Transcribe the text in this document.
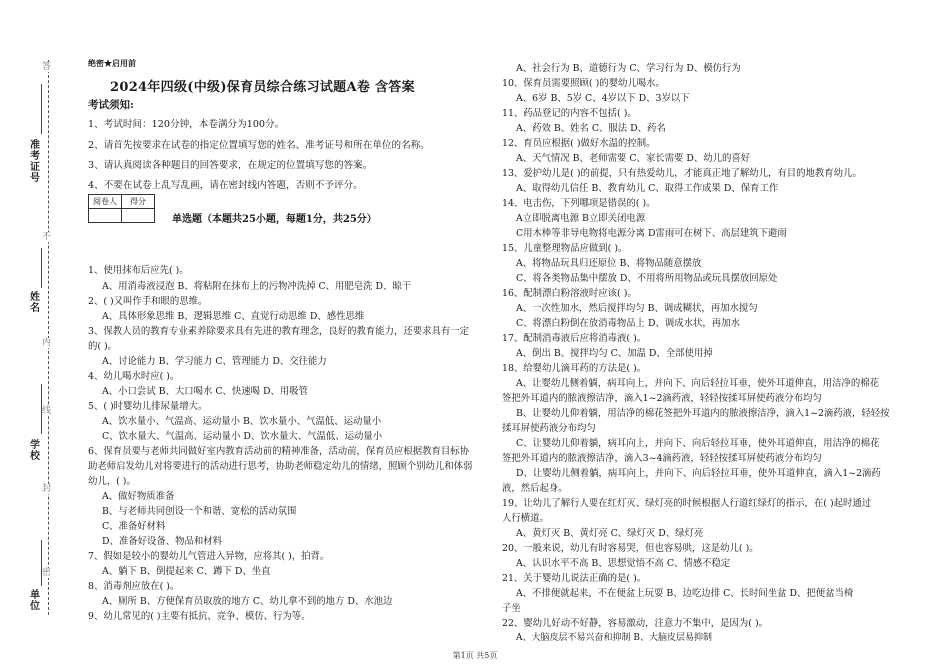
答
不
内
线
封
密
准考证号
姓名
学校
单位
绝密★启用前
2024年四级(中级)保育员综合练习试题A卷 含答案
考试须知:
1、考试时间：120分钟，本卷满分为100分。
2、请首先按要求在试卷的指定位置填写您的姓名、准考证号和所在单位的名称。
3、请认真阅读各种题目的回答要求，在规定的位置填写您的答案。
4、不要在试卷上乱写乱画，请在密封线内答题，否则不予评分。
阅卷人	得分

单选题（本题共25小题，每题1分，共25分）
1、使用抹布后应先( )。
A、用消毒液浸泡 B、将粘附在抹布上的污物冲洗掉 C、用肥皂洗 D、晾干
2、( )又叫作手和眼的思维。
A、具体形象思维 B、逻辑思维 C、直觉行动思维 D、感性思维
3、保教人员的教育专业素养除要求具有先进的教育理念，良好的教育能力，还要求具有一定
的( )。
A、讨论能力 B、学习能力 C、管理能力 D、交往能力
4、幼儿喝水时应( )。
A、小口尝试 B、大口喝水 C、快速喝 D、用吸管
5、( )时婴幼儿排尿量增大。
A、饮水量小、气温高、运动量小 B、饮水量小、气温低、运动量小
C、饮水量大、气温高、运动量小 D、饮水量大、气温低、运动量小
6、保育员要与老师共同做好室内教育活动前的精神准备，活动前，保育员应根据教育目标协
助老师启发幼儿对将要进行的活动进行思考，协助老师稳定幼儿的情绪，照顾个别幼儿和体弱
幼儿，( )。
A、做好物质准备
B、与老师共同创设一个和谐、宽松的活动氛围
C、准备好材料
D、准备好设备、物品和材料
7、假如是较小的婴幼儿气管进入异物，应将其( )，拍背。
A、躺下 B、倒提起来 C、蹲下 D、坐直
8、消毒剂应放在( )。
A、厕所 B、方便保育员取放的地方 C、幼儿拿不到的地方 D、水池边
9、幼儿常见的( )主要有抵抗、竞争、模仿、行为等。
A、社会行为 B、道德行为 C、学习行为 D、模仿行为
10、保育员需要照顾( )的婴幼儿喝水。
A、6岁 B、5岁 C、4岁以下 D、3岁以下
11、药品登记的内容不包括( )。
A、药效 B、姓名 C、服法 D、药名
12、育员应根据( )做好水温的控制。
A、天气情况 B、老师需要 C、家长需要 D、幼儿的喜好
13、爱护幼儿是( )的前提，只有热爱幼儿，才能真正地了解幼儿，有目的地教育幼儿。
A、取得幼儿信任 B、教育幼儿 C、取得工作成果 D、保育工作
14、电击伤，下列哪项是错误的( )。
A立即脱离电源 B立即关闭电源
C用木棒等非导电物将电源分离 D雷雨可在树下、高层建筑下避雨
15、儿童整理物品应做到( )。
A、将物品玩具归还原位 B、将物品随意摆放
C、将各类物品集中摆放 D、不用将所用物品或玩具摆放回原处
16、配制漂白粉溶液时应该( )。
A、一次性加水，然后搅拌均匀 B、调成糊状，再加水搅匀
C、将漂白粉倒在放消毒物品上 D、调成水状，再加水
17、配制消毒液后应将消毒液( )。
A、倒出 B、搅拌均匀 C、加温 D、全部使用掉
18、给婴幼儿滴耳药的方法是( )。
A、让婴幼儿侧着躺，病耳向上，并向下、向后轻拉耳垂，使外耳道伸直，用洁净的棉花
签把外耳道内的脓液擦洁净，滴入1~2滴药液，轻轻按揉耳屏使药液分布均匀
B、让婴幼儿仰着躺，用洁净的棉花签把外耳道内的脓液擦洁净，滴入1~2滴药液，轻轻按
揉耳屏使药液分布均匀
C、让婴幼儿仰着躺，病耳向上，并向下、向后轻拉耳垂，使外耳道伸直，用洁净的棉花
签把外耳道内的脓液擦洁净，滴入3~4滴药液，轻轻按揉耳屏使药液分布均匀
D、让婴幼儿侧着躺，病耳向上，并向下、向后轻拉耳垂，使外耳道伸直，滴入1~2滴药
液，然后起身。
19、让幼儿了解行人要在红灯灭、绿灯亮的时候根据人行道红绿灯的指示，在( )起时通过
人行横道。
A、黄灯灭 B、黄灯亮 C、绿灯灭 D、绿灯亮
20、一般来说，幼儿有时容易哭，但也容易哄，这是幼儿( )。
A、认识水平不高 B、思想觉悟不高 C、情感不稳定
21、关于婴幼儿说法正确的是( )。
A、不排便就起来，不在便盆上玩耍 B、边吃边排 C、长时间坐盆 D、把便盆当椅
子坐
22、婴幼儿好动不好静，容易激动，注意力不集中，是因为( )。
A、大脑皮层不易兴奋和抑制 B、大脑皮层易抑制
第1页 共5页
